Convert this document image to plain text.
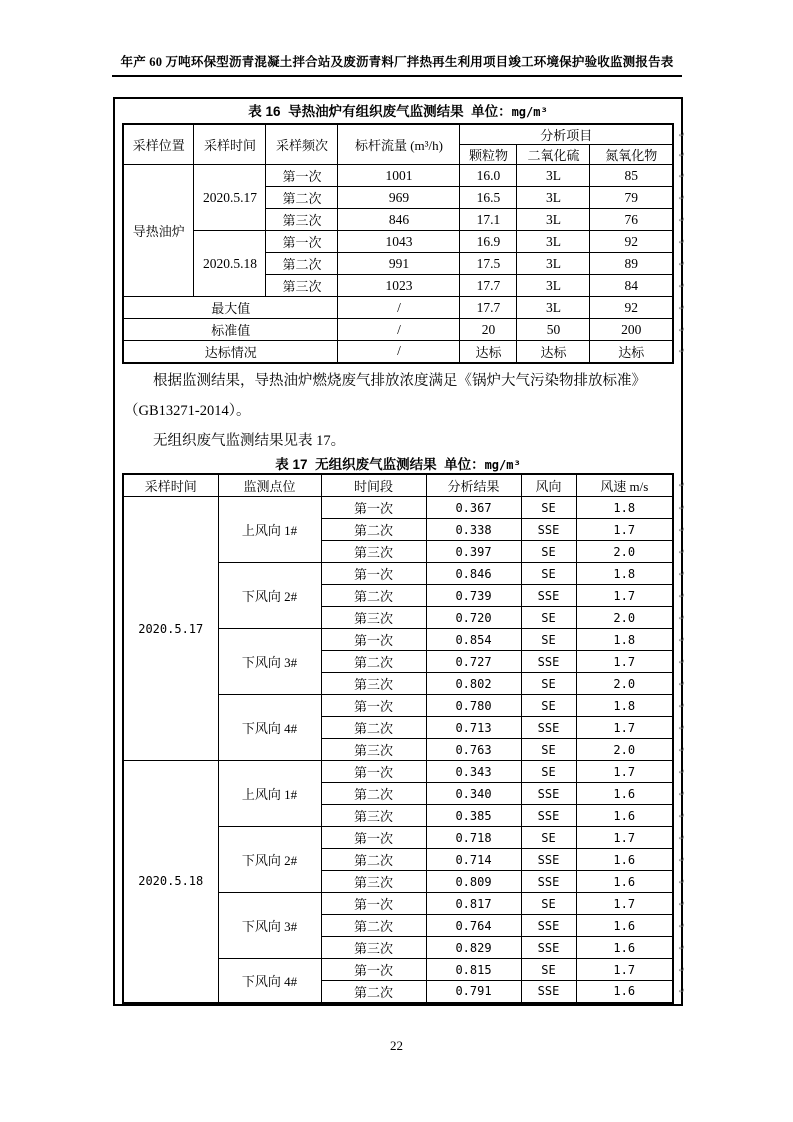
年产 60 万吨环保型沥青混凝土拌合站及废沥青料厂拌热再生利用项目竣工环境保护验收监测报告表
表 16  导热油炉有组织废气监测结果  单位：mg/m³
采样位置	采样时间	采样频次	标杆流量 (m³/h)	分析项目 ↵		

				颗粒物	二氧化硫	氮氧化物 ↵

导热油炉	2020.5.17	第一次	1001	16.0	3L	85 ↵

		第二次	969	16.5	3L	79 ↵

		第三次	846	17.1	3L	76 ↵

	2020.5.18	第一次	1043	16.9	3L	92 ↵

		第二次	991	17.5	3L	89 ↵

		第三次	1023	17.7	3L	84 ↵

最大值			/	17.7	3L	92 ↵

标准值			/	20	50	200 ↵

达标情况			/	达标	达标	达标 ↵
根据监测结果，导热油炉燃烧废气排放浓度满足《锅炉大气污染物排放标准》
（GB13271-2014）。
无组织废气监测结果见表 17。
表 17  无组织废气监测结果  单位：mg/m³
采样时间	监测点位	时间段	分析结果	风向	风速 m/s ↵

2020.5.17	上风向 1#	第一次	0.367	SE	1.8 ↵

		第二次	0.338	SSE	1.7 ↵

		第三次	0.397	SE	2.0 ↵

	下风向 2#	第一次	0.846	SE	1.8 ↵

		第二次	0.739	SSE	1.7 ↵

		第三次	0.720	SE	2.0 ↵

	下风向 3#	第一次	0.854	SE	1.8 ↵

		第二次	0.727	SSE	1.7 ↵

		第三次	0.802	SE	2.0 ↵

	下风向 4#	第一次	0.780	SE	1.8 ↵

		第二次	0.713	SSE	1.7 ↵

		第三次	0.763	SE	2.0 ↵

2020.5.18	上风向 1#	第一次	0.343	SE	1.7 ↵

		第二次	0.340	SSE	1.6 ↵

		第三次	0.385	SSE	1.6 ↵

	下风向 2#	第一次	0.718	SE	1.7 ↵

		第二次	0.714	SSE	1.6 ↵

		第三次	0.809	SSE	1.6 ↵

	下风向 3#	第一次	0.817	SE	1.7 ↵

		第二次	0.764	SSE	1.6 ↵

		第三次	0.829	SSE	1.6 ↵

	下风向 4#	第一次	0.815	SE	1.7 ↵

		第二次	0.791	SSE	1.6 ↵
22
